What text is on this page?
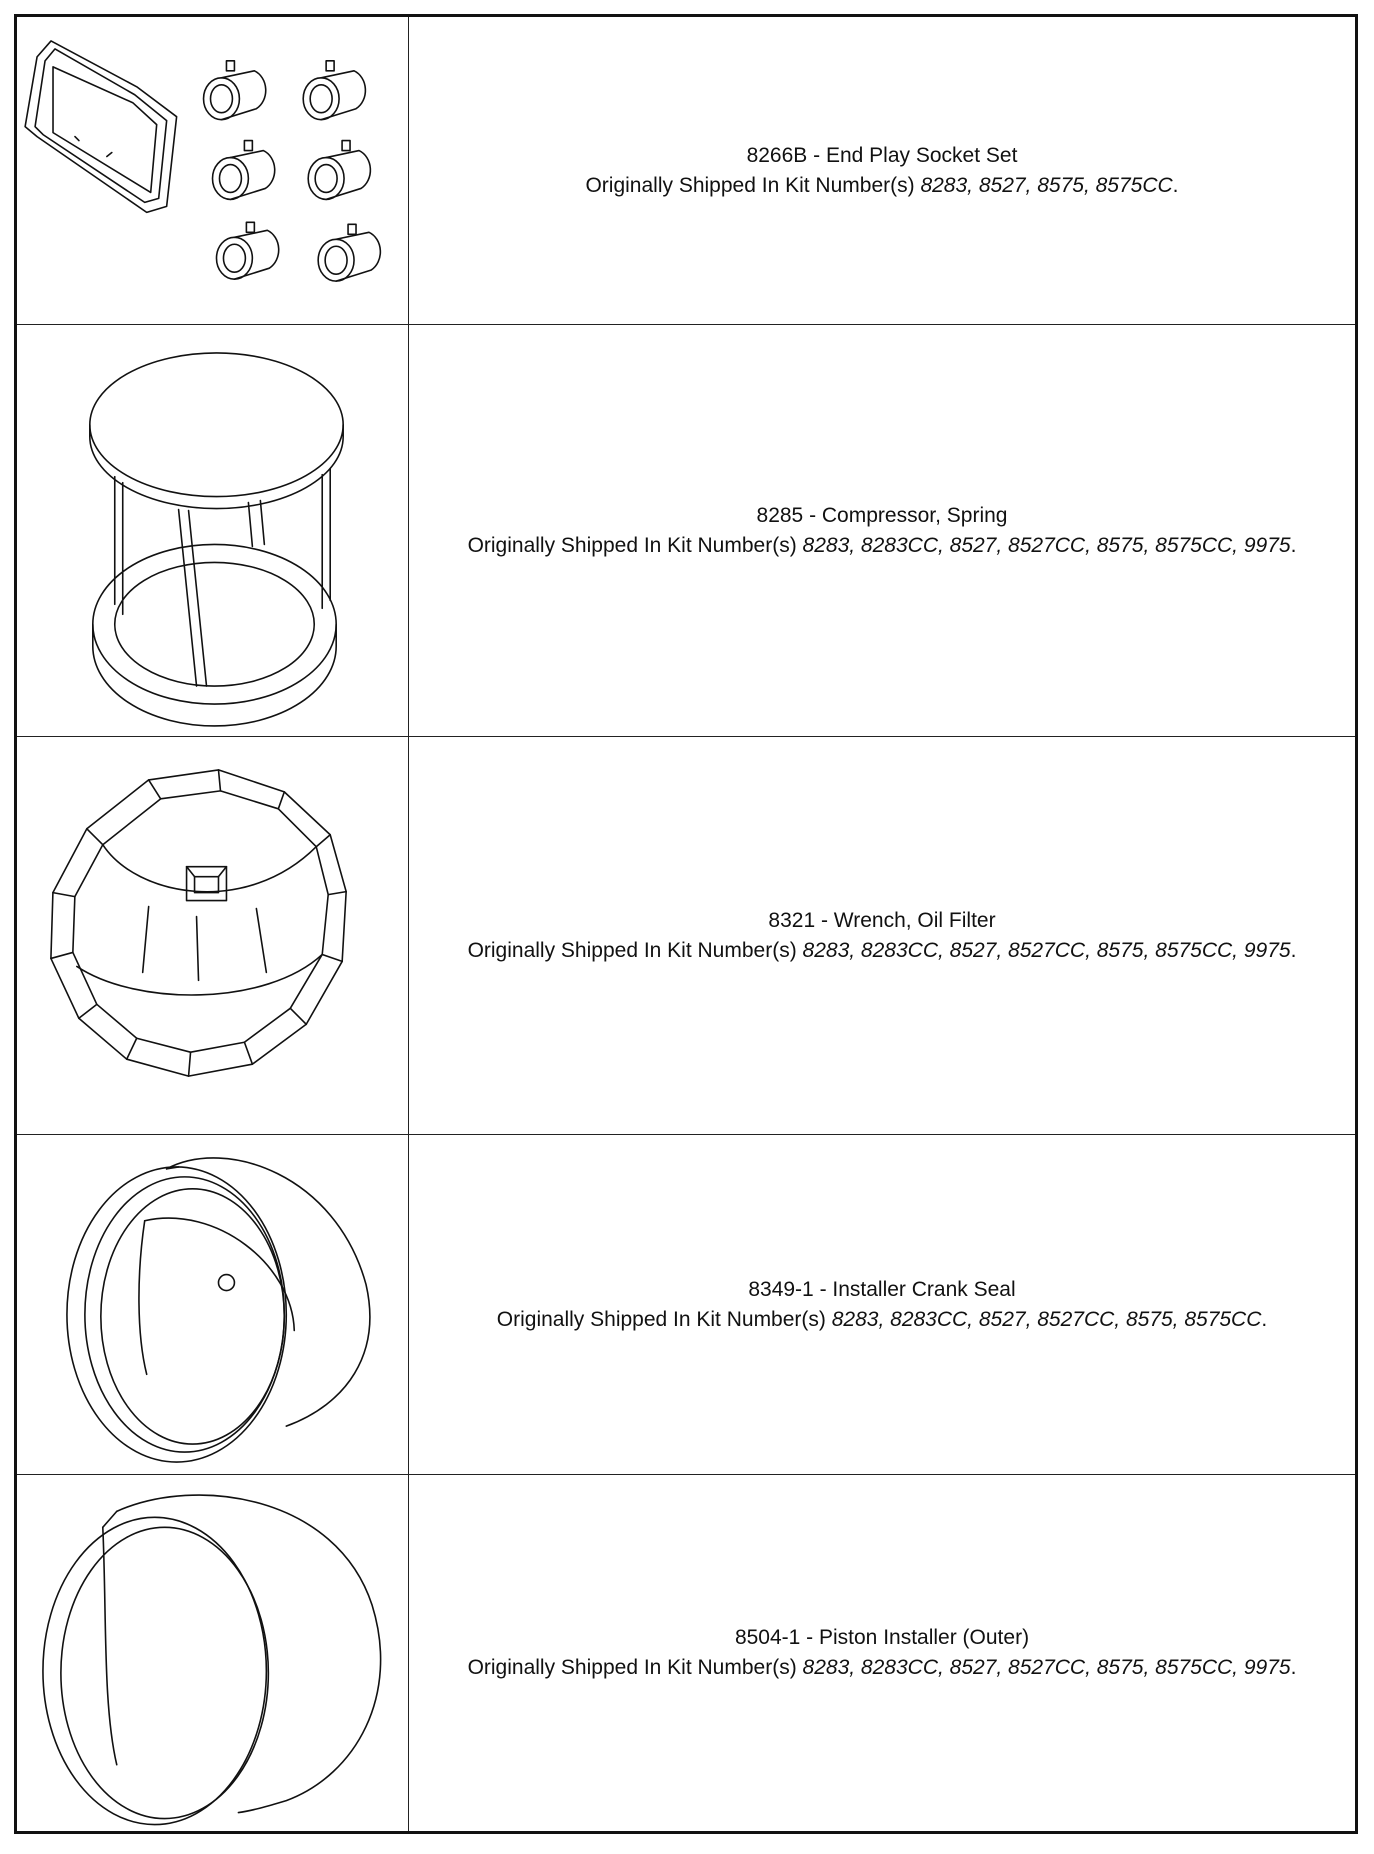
8266B - End Play Socket Set
Originally Shipped In Kit Number(s) 8283, 8527, 8575, 8575CC.
8285 - Compressor, Spring
Originally Shipped In Kit Number(s) 8283, 8283CC, 8527, 8527CC, 8575, 8575CC, 9975.
8321 - Wrench, Oil Filter
Originally Shipped In Kit Number(s) 8283, 8283CC, 8527, 8527CC, 8575, 8575CC, 9975.
8349-1 - Installer Crank Seal
Originally Shipped In Kit Number(s) 8283, 8283CC, 8527, 8527CC, 8575, 8575CC.
8504-1 - Piston Installer (Outer)
Originally Shipped In Kit Number(s) 8283, 8283CC, 8527, 8527CC, 8575, 8575CC, 9975.
